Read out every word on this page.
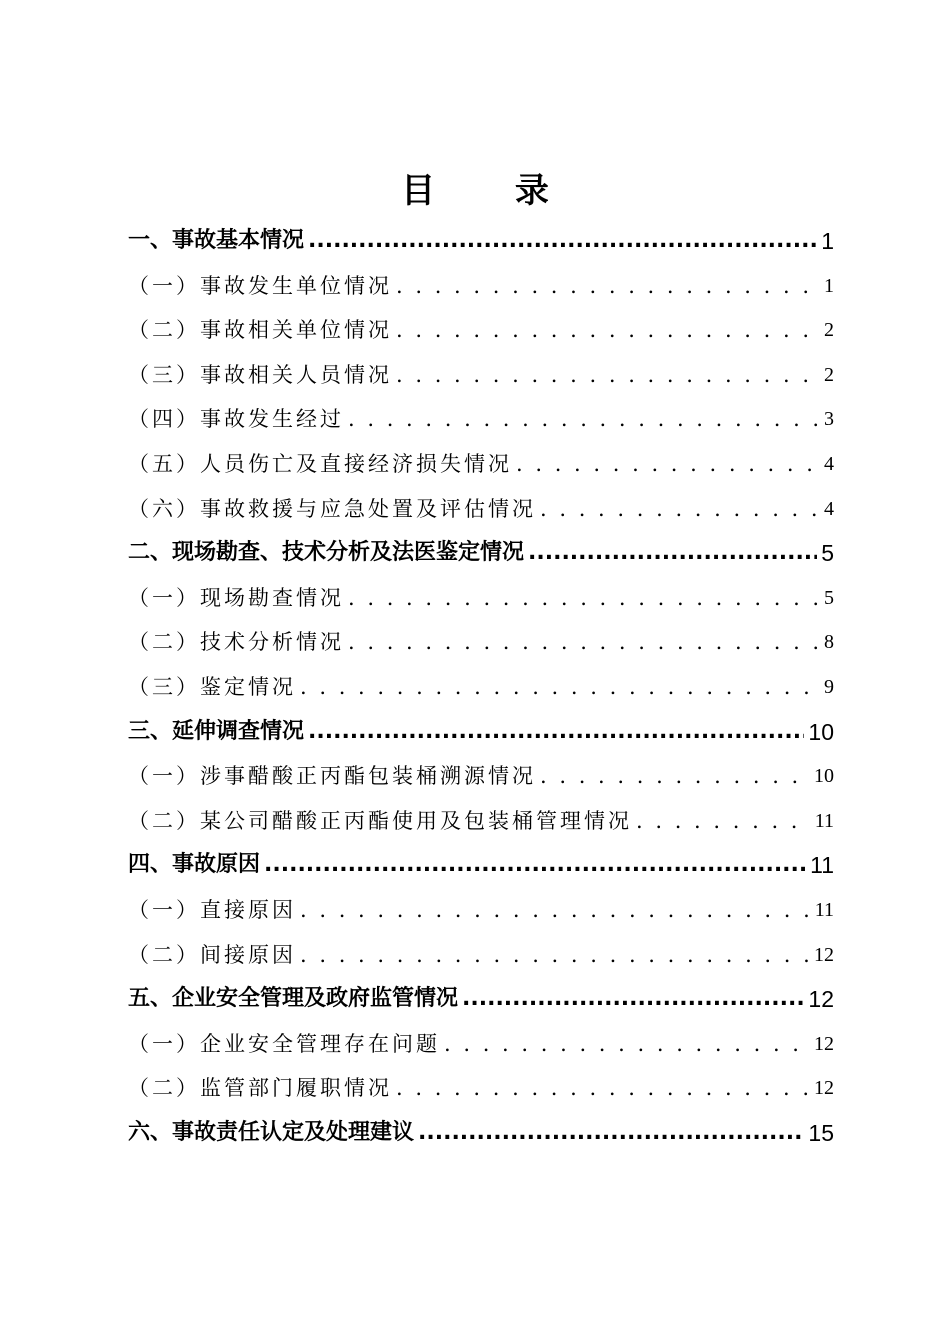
目 录
一、事故基本情况 .....	1
（一）事故发生单位情况 . . .	1
（二）事故相关单位情况 . . .	2
（三）事故相关人员情况 . . .	2
（四）事故发生经过 . . .	3
（五）人员伤亡及直接经济损失情况 . . .	4
（六）事故救援与应急处置及评估情况 . . .	4
二、现场勘查、技术分析及法医鉴定情况 .....	5
（一）现场勘查情况 . . .	5
（二）技术分析情况 . . .	8
（三）鉴定情况 . . .	9
三、延伸调查情况 .....	10
（一）涉事醋酸正丙酯包装桶溯源情况 . . .	10
（二）某公司醋酸正丙酯使用及包装桶管理情况 . . .	11
四、事故原因 .....	11
（一）直接原因 . . .	11
（二）间接原因 . . .	12
五、企业安全管理及政府监管情况 .....	12
（一）企业安全管理存在问题 . . .	12
（二）监管部门履职情况 . . .	12
六、事故责任认定及处理建议 .....	15
